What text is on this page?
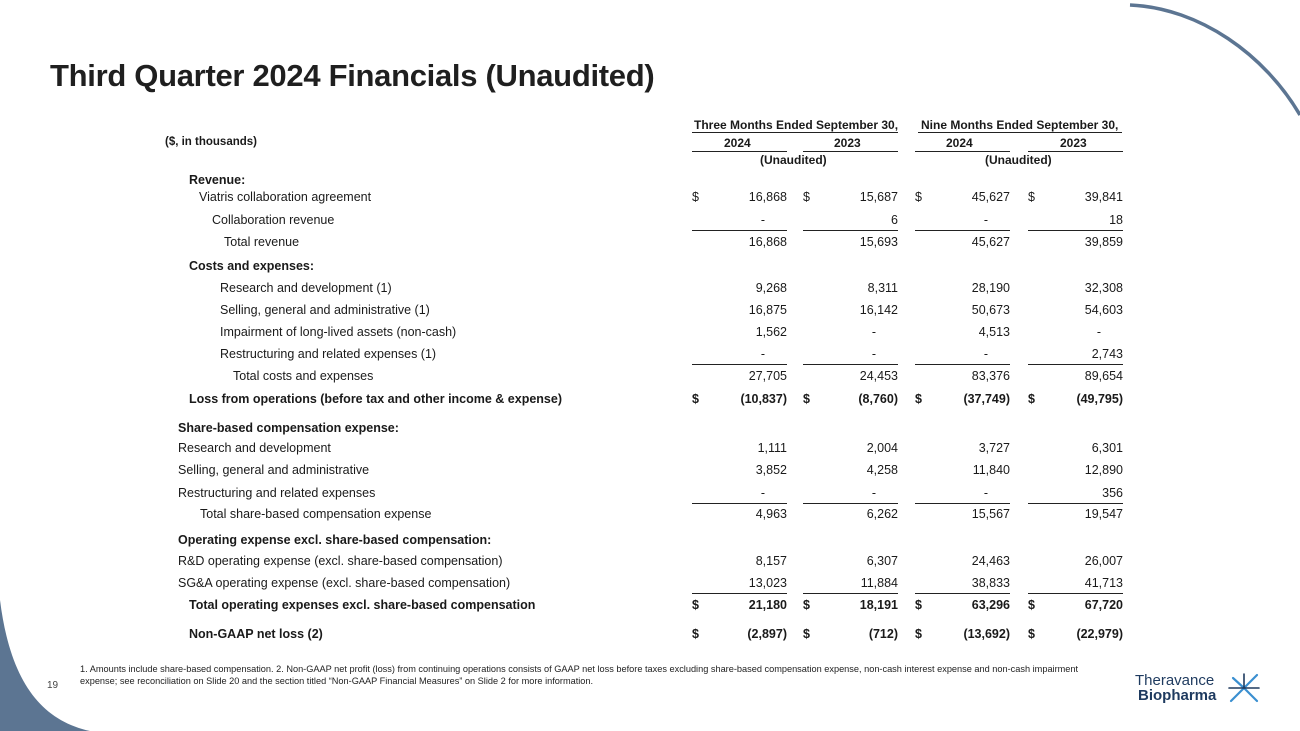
Third Quarter 2024 Financials (Unaudited)
($, in thousands)
Three Months Ended September 30, Nine Months Ended September 30,
2024	2023	2024	2023
(Unaudited)	(Unaudited)
Revenue:
Costs and expenses:
Share-based compensation expense:
Operating expense excl. share-based compensation:
Viatris collaboration agreement	$	16,868 $	15,687 $	45,627 $	39,841
Collaboration revenue	-	6	-	18
Total revenue	16,868	15,693	45,627	39,859
Research and development (1)	9,268	8,311	28,190	32,308
Selling, general and administrative (1)	16,875	16,142	50,673	54,603
Impairment of long-lived assets (non-cash)	1,562	-	4,513	-
Restructuring and related expenses (1)	-	-	-	2,743
Total costs and expenses	27,705	24,453	83,376	89,654
Loss from operations (before tax and other income & expense)	$	(10,837) $	(8,760) $	(37,749) $	(49,795)
Research and development	1,111	2,004	3,727	6,301
Selling, general and administrative	3,852	4,258	11,840	12,890
Restructuring and related expenses	-	-	-	356
Total share-based compensation expense	4,963	6,262	15,567	19,547
R&D operating expense (excl. share-based compensation)	8,157	6,307	24,463	26,007
SG&A operating expense (excl. share-based compensation)	13,023	11,884	38,833	41,713
Total operating expenses excl. share-based compensation	$	21,180 $	18,191 $	63,296 $	67,720
Non-GAAP net loss (2)	$	(2,897) $	(712) $	(13,692) $	(22,979)
1. Amounts include share-based compensation. 2. Non-GAAP net profit (loss) from continuing operations consists of GAAP net loss before taxes excluding share-based compensation expense, non-cash interest expense and non-cash impairment expense; see reconciliation on Slide 20 and the section titled “Non-GAAP Financial Measures” on Slide 2 for more information.
19	Theravance
Biopharma
